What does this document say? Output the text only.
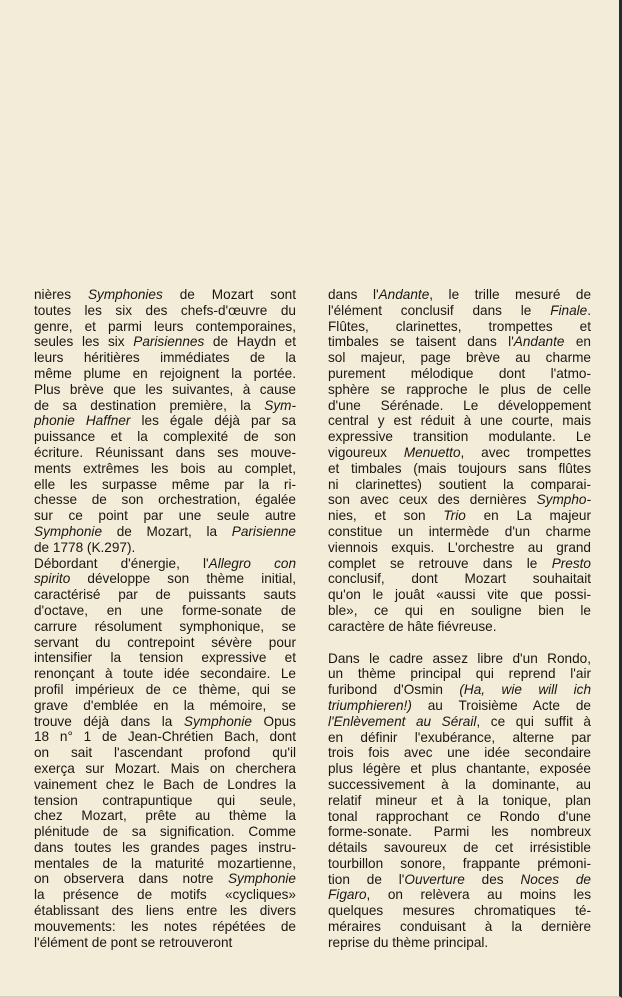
nières Symphonies de Mozart sont
toutes les six des chefs-d'œuvre du
genre, et parmi leurs contemporaines,
seules les six Parisiennes de Haydn et
leurs héritières immédiates de la
même plume en rejoignent la portée.
Plus brève que les suivantes, à cause
de sa destination première, la Sym-
phonie Haffner les égale déjà par sa
puissance et la complexité de son
écriture. Réunissant dans ses mouve-
ments extrêmes les bois au complet,
elle les surpasse même par la ri-
chesse de son orchestration, égalée
sur ce point par une seule autre
Symphonie de Mozart, la Parisienne
de 1778 (K.297).
Débordant d'énergie, l'Allegro con
spirito développe son thème initial,
caractérisé par de puissants sauts
d'octave, en une forme-sonate de
carrure résolument symphonique, se
servant du contrepoint sévère pour
intensifier la tension expressive et
renonçant à toute idée secondaire. Le
profil impérieux de ce thème, qui se
grave d'emblée en la mémoire, se
trouve déjà dans la Symphonie Opus
18 n° 1 de Jean-Chrétien Bach, dont
on sait l'ascendant profond qu'il
exerça sur Mozart. Mais on cherchera
vainement chez le Bach de Londres la
tension contrapuntique qui seule,
chez Mozart, prête au thème la
plénitude de sa signification. Comme
dans toutes les grandes pages instru-
mentales de la maturité mozartienne,
on observera dans notre Symphonie
la présence de motifs «cycliques»
établissant des liens entre les divers
mouvements: les notes répétées de
l'élément de pont se retrouveront
dans l'Andante, le trille mesuré de
l'élément conclusif dans le Finale.
Flûtes, clarinettes, trompettes et
timbales se taisent dans l'Andante en
sol majeur, page brève au charme
purement mélodique dont l'atmo-
sphère se rapproche le plus de celle
d'une Sérénade. Le développement
central y est réduit à une courte, mais
expressive transition modulante. Le
vigoureux Menuetto, avec trompettes
et timbales (mais toujours sans flûtes
ni clarinettes) soutient la comparai-
son avec ceux des dernières Sympho-
nies, et son Trio en La majeur
constitue un intermède d'un charme
viennois exquis. L'orchestre au grand
complet se retrouve dans le Presto
conclusif, dont Mozart souhaitait
qu'on le jouât «aussi vite que possi-
ble», ce qui en souligne bien le
caractère de hâte fiévreuse.
Dans le cadre assez libre d'un Rondo,
un thème principal qui reprend l'air
furibond d'Osmin (Ha, wie will ich
triumphieren!) au Troisième Acte de
l'Enlèvement au Sérail, ce qui suffit à
en définir l'exubérance, alterne par
trois fois avec une idée secondaire
plus légère et plus chantante, exposée
successivement à la dominante, au
relatif mineur et à la tonique, plan
tonal rapprochant ce Rondo d'une
forme-sonate. Parmi les nombreux
détails savoureux de cet irrésistible
tourbillon sonore, frappante prémoni-
tion de l'Ouverture des Noces de
Figaro, on relèvera au moins les
quelques mesures chromatiques té-
méraires conduisant à la dernière
reprise du thème principal.
